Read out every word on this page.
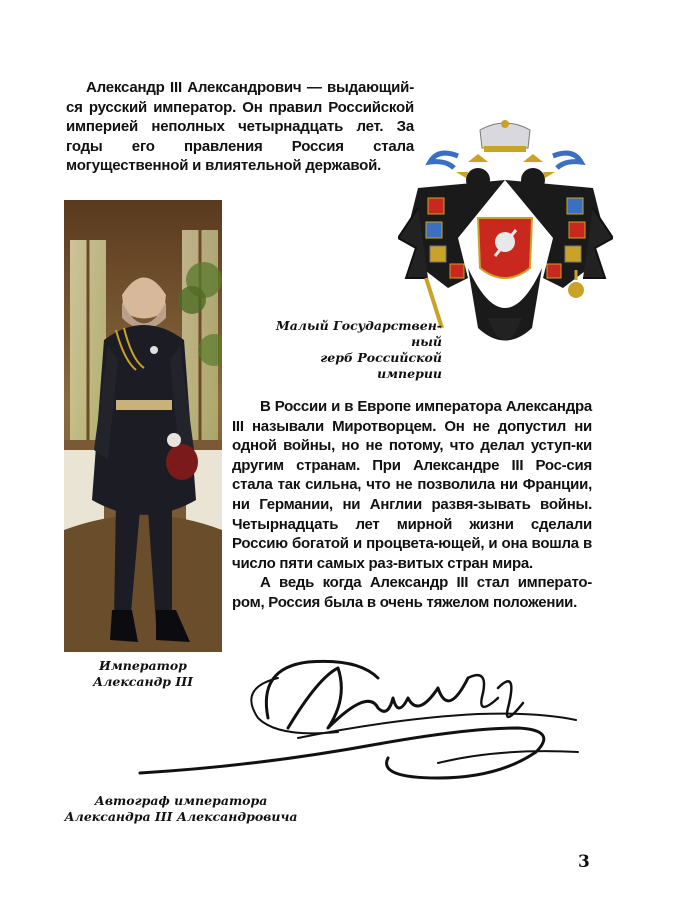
Александр III Александрович — выдающий-ся русский император. Он правил Российской империей неполных четырнадцать лет. За годы его правления Россия стала могущественной и влиятельной державой.

Император
Александр III
Малый Государствен-
ный
герб Российской империи

В России и в Европе императора Александра III называли Миротворцем. Он не допустил ни одной войны, но не потому, что делал уступ-ки другим странам. При Александре III Рос-сия стала так сильна, что не позволила ни Франции, ни Германии, ни Англии развя-зывать войны. Четырнадцать лет мирной жизни сделали Россию богатой и процвета-ющей, и она вошла в число пяти самых раз-витых стран мира.

А ведь когда Александр III стал императо-ром, Россия была в очень тяжелом положении.

Автограф императора
Александра III Александровича
3
